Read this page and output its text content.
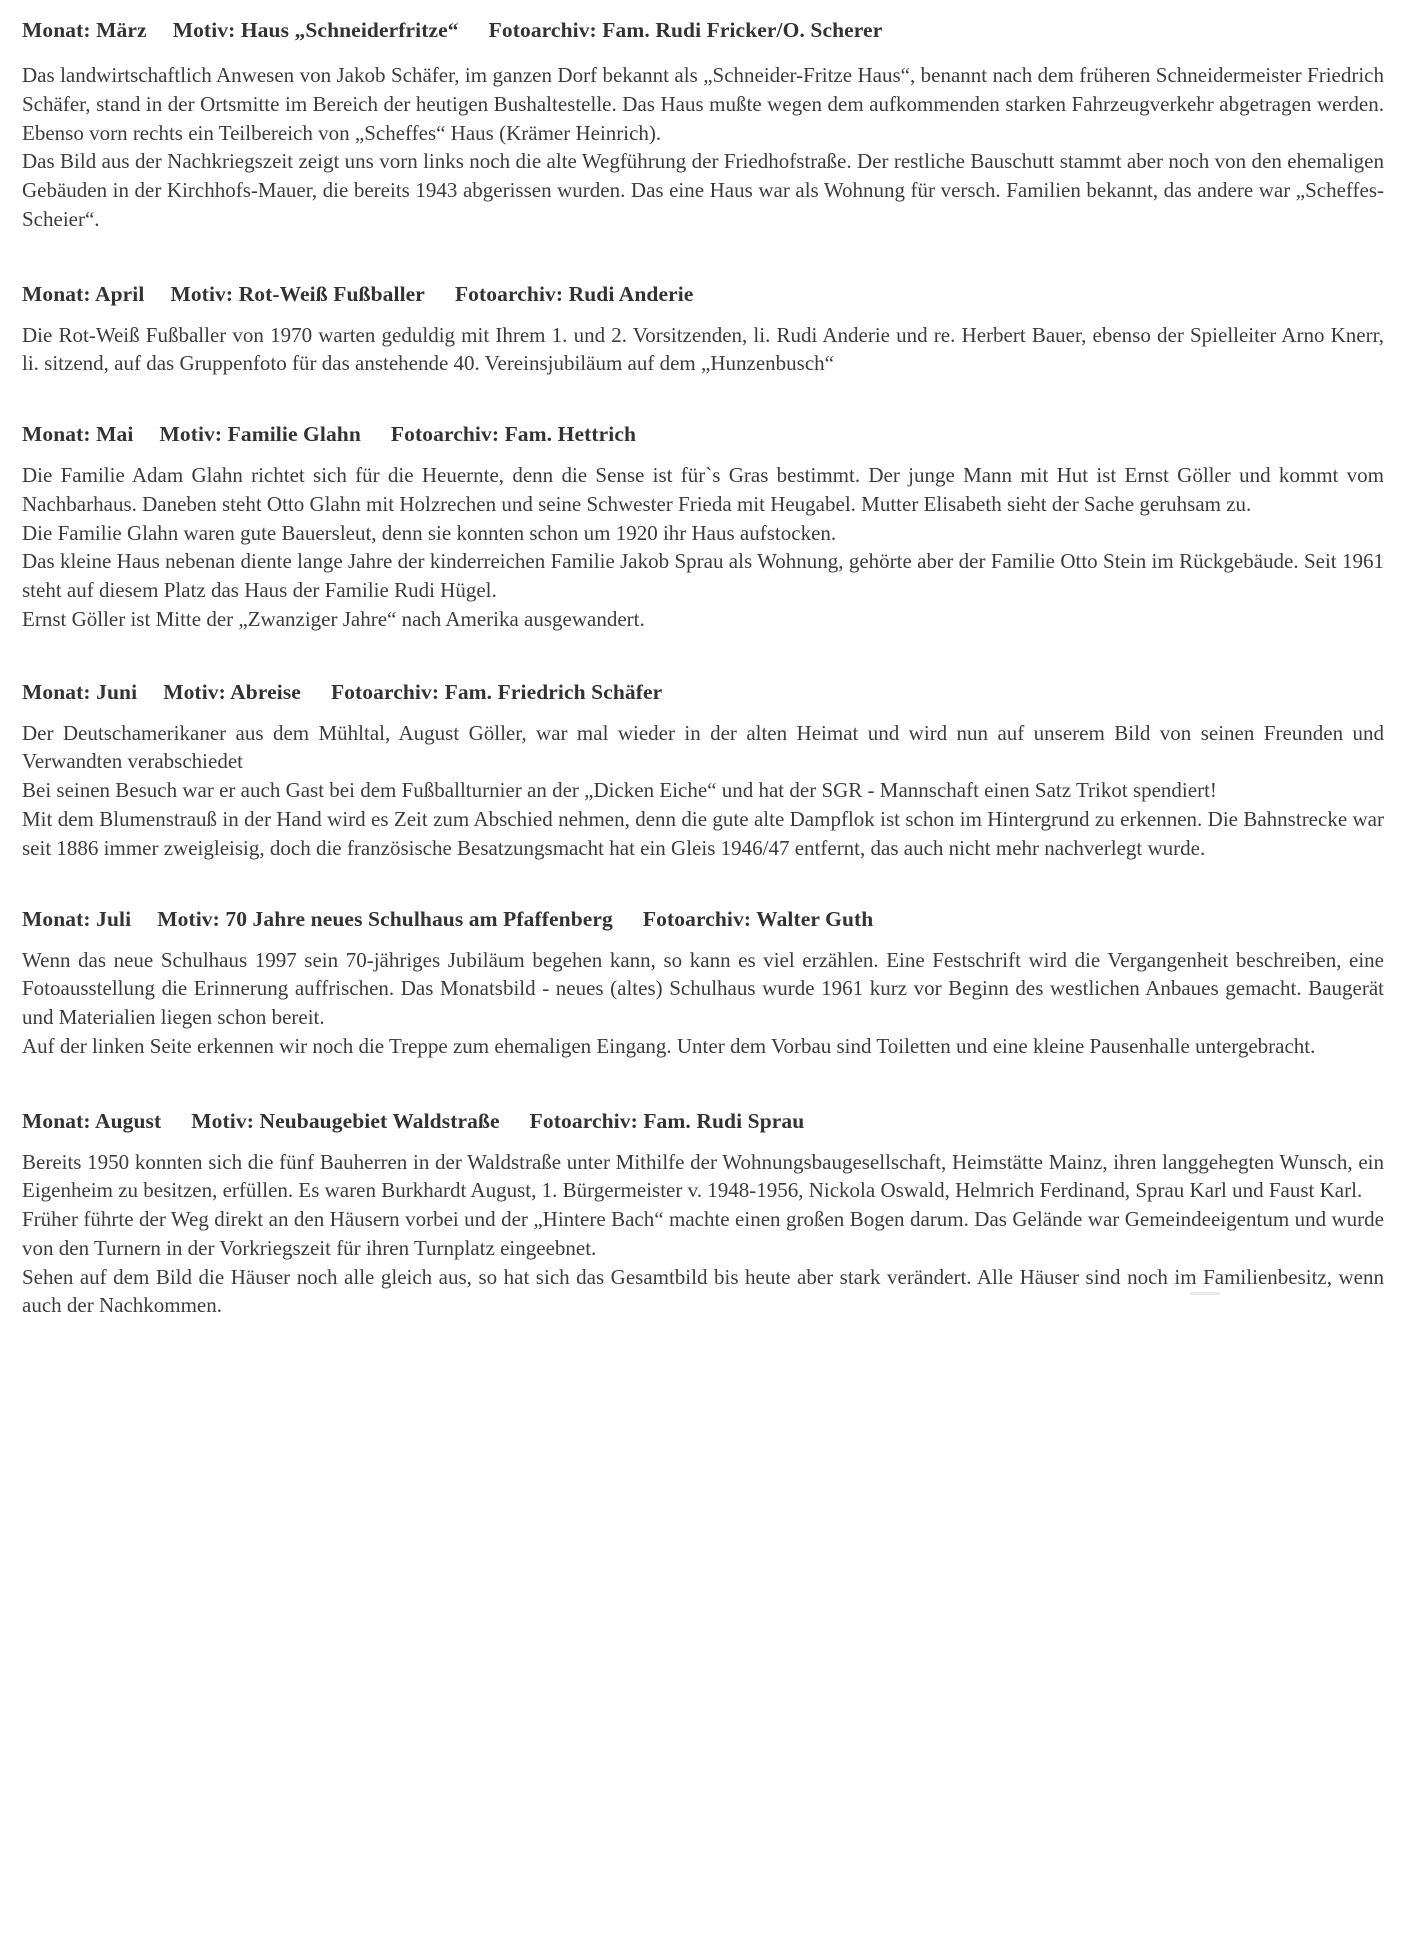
Monat: März Motiv: Haus „Schneiderfritze“ Fotoarchiv: Fam. Rudi Fricker/O. Scherer

Das landwirtschaftlich Anwesen von Jakob Schäfer, im ganzen Dorf bekannt als „Schneider-Fritze Haus“, benannt nach dem früheren Schneidermeister Friedrich Schäfer, stand in der Ortsmitte im Bereich der heutigen Bushaltestelle. Das Haus mußte wegen dem aufkommenden starken Fahrzeugverkehr abgetragen werden. Ebenso vorn rechts ein Teilbereich von „Scheffes“ Haus (Krämer Heinrich).

Das Bild aus der Nachkriegszeit zeigt uns vorn links noch die alte Wegführung der Friedhofstraße. Der restliche Bauschutt stammt aber noch von den ehemaligen Gebäuden in der Kirchhofs-Mauer, die bereits 1943 abgerissen wurden. Das eine Haus war als Wohnung für versch. Familien bekannt, das andere war „Scheffes-Scheier“.

Monat: April Motiv: Rot-Weiß Fußballer Fotoarchiv: Rudi Anderie

Die Rot-Weiß Fußballer von 1970 warten geduldig mit Ihrem 1. und 2. Vorsitzenden, li. Rudi Anderie und re. Herbert Bauer, ebenso der Spielleiter Arno Knerr, li. sitzend, auf das Gruppenfoto für das anstehende 40. Vereinsjubiläum auf dem „Hunzenbusch“

Monat: Mai Motiv: Familie Glahn Fotoarchiv: Fam. Hettrich

Die Familie Adam Glahn richtet sich für die Heuernte, denn die Sense ist für`s Gras bestimmt. Der junge Mann mit Hut ist Ernst Göller und kommt vom Nachbarhaus. Daneben steht Otto Glahn mit Holzrechen und seine Schwester Frieda mit Heugabel. Mutter Elisabeth sieht der Sache geruhsam zu.

Die Familie Glahn waren gute Bauersleut, denn sie konnten schon um 1920 ihr Haus aufstocken.

Das kleine Haus nebenan diente lange Jahre der kinderreichen Familie Jakob Sprau als Wohnung, gehörte aber der Familie Otto Stein im Rückgebäude. Seit 1961 steht auf diesem Platz das Haus der Familie Rudi Hügel.

Ernst Göller ist Mitte der „Zwanziger Jahre“ nach Amerika ausgewandert.

Monat: Juni Motiv: Abreise Fotoarchiv: Fam. Friedrich Schäfer

Der Deutschamerikaner aus dem Mühltal, August Göller, war mal wieder in der alten Heimat und wird nun auf unserem Bild von seinen Freunden und Verwandten verabschiedet

Bei seinen Besuch war er auch Gast bei dem Fußballturnier an der „Dicken Eiche“ und hat der SGR - Mannschaft einen Satz Trikot spendiert!

Mit dem Blumenstrauß in der Hand wird es Zeit zum Abschied nehmen, denn die gute alte Dampflok ist schon im Hintergrund zu erkennen. Die Bahnstrecke war seit 1886 immer zweigleisig, doch die französische Besatzungsmacht hat ein Gleis 1946/47 entfernt, das auch nicht mehr nachverlegt wurde.

Monat: Juli Motiv: 70 Jahre neues Schulhaus am Pfaffenberg Fotoarchiv: Walter Guth

Wenn das neue Schulhaus 1997 sein 70-jähriges Jubiläum begehen kann, so kann es viel erzählen. Eine Festschrift wird die Vergangenheit beschreiben, eine Fotoausstellung die Erinnerung auffrischen. Das Monatsbild - neues (altes) Schulhaus wurde 1961 kurz vor Beginn des westlichen Anbaues gemacht. Baugerät und Materialien liegen schon bereit.

Auf der linken Seite erkennen wir noch die Treppe zum ehemaligen Eingang. Unter dem Vorbau sind Toiletten und eine kleine Pausenhalle untergebracht.

Monat: August Motiv: Neubaugebiet Waldstraße Fotoarchiv: Fam. Rudi Sprau

Bereits 1950 konnten sich die fünf Bauherren in der Waldstraße unter Mithilfe der Wohnungsbaugesellschaft, Heimstätte Mainz, ihren langgehegten Wunsch, ein Eigenheim zu besitzen, erfüllen. Es waren Burkhardt August, 1. Bürgermeister v. 1948-1956, Nickola Oswald, Helmrich Ferdinand, Sprau Karl und Faust Karl.

Früher führte der Weg direkt an den Häusern vorbei und der „Hintere Bach“ machte einen großen Bogen darum. Das Gelände war Gemeindeeigentum und wurde von den Turnern in der Vorkriegszeit für ihren Turnplatz eingeebnet.

Sehen auf dem Bild die Häuser noch alle gleich aus, so hat sich das Gesamtbild bis heute aber stark verändert. Alle Häuser sind noch im Familienbesitz, wenn auch der Nachkommen.
